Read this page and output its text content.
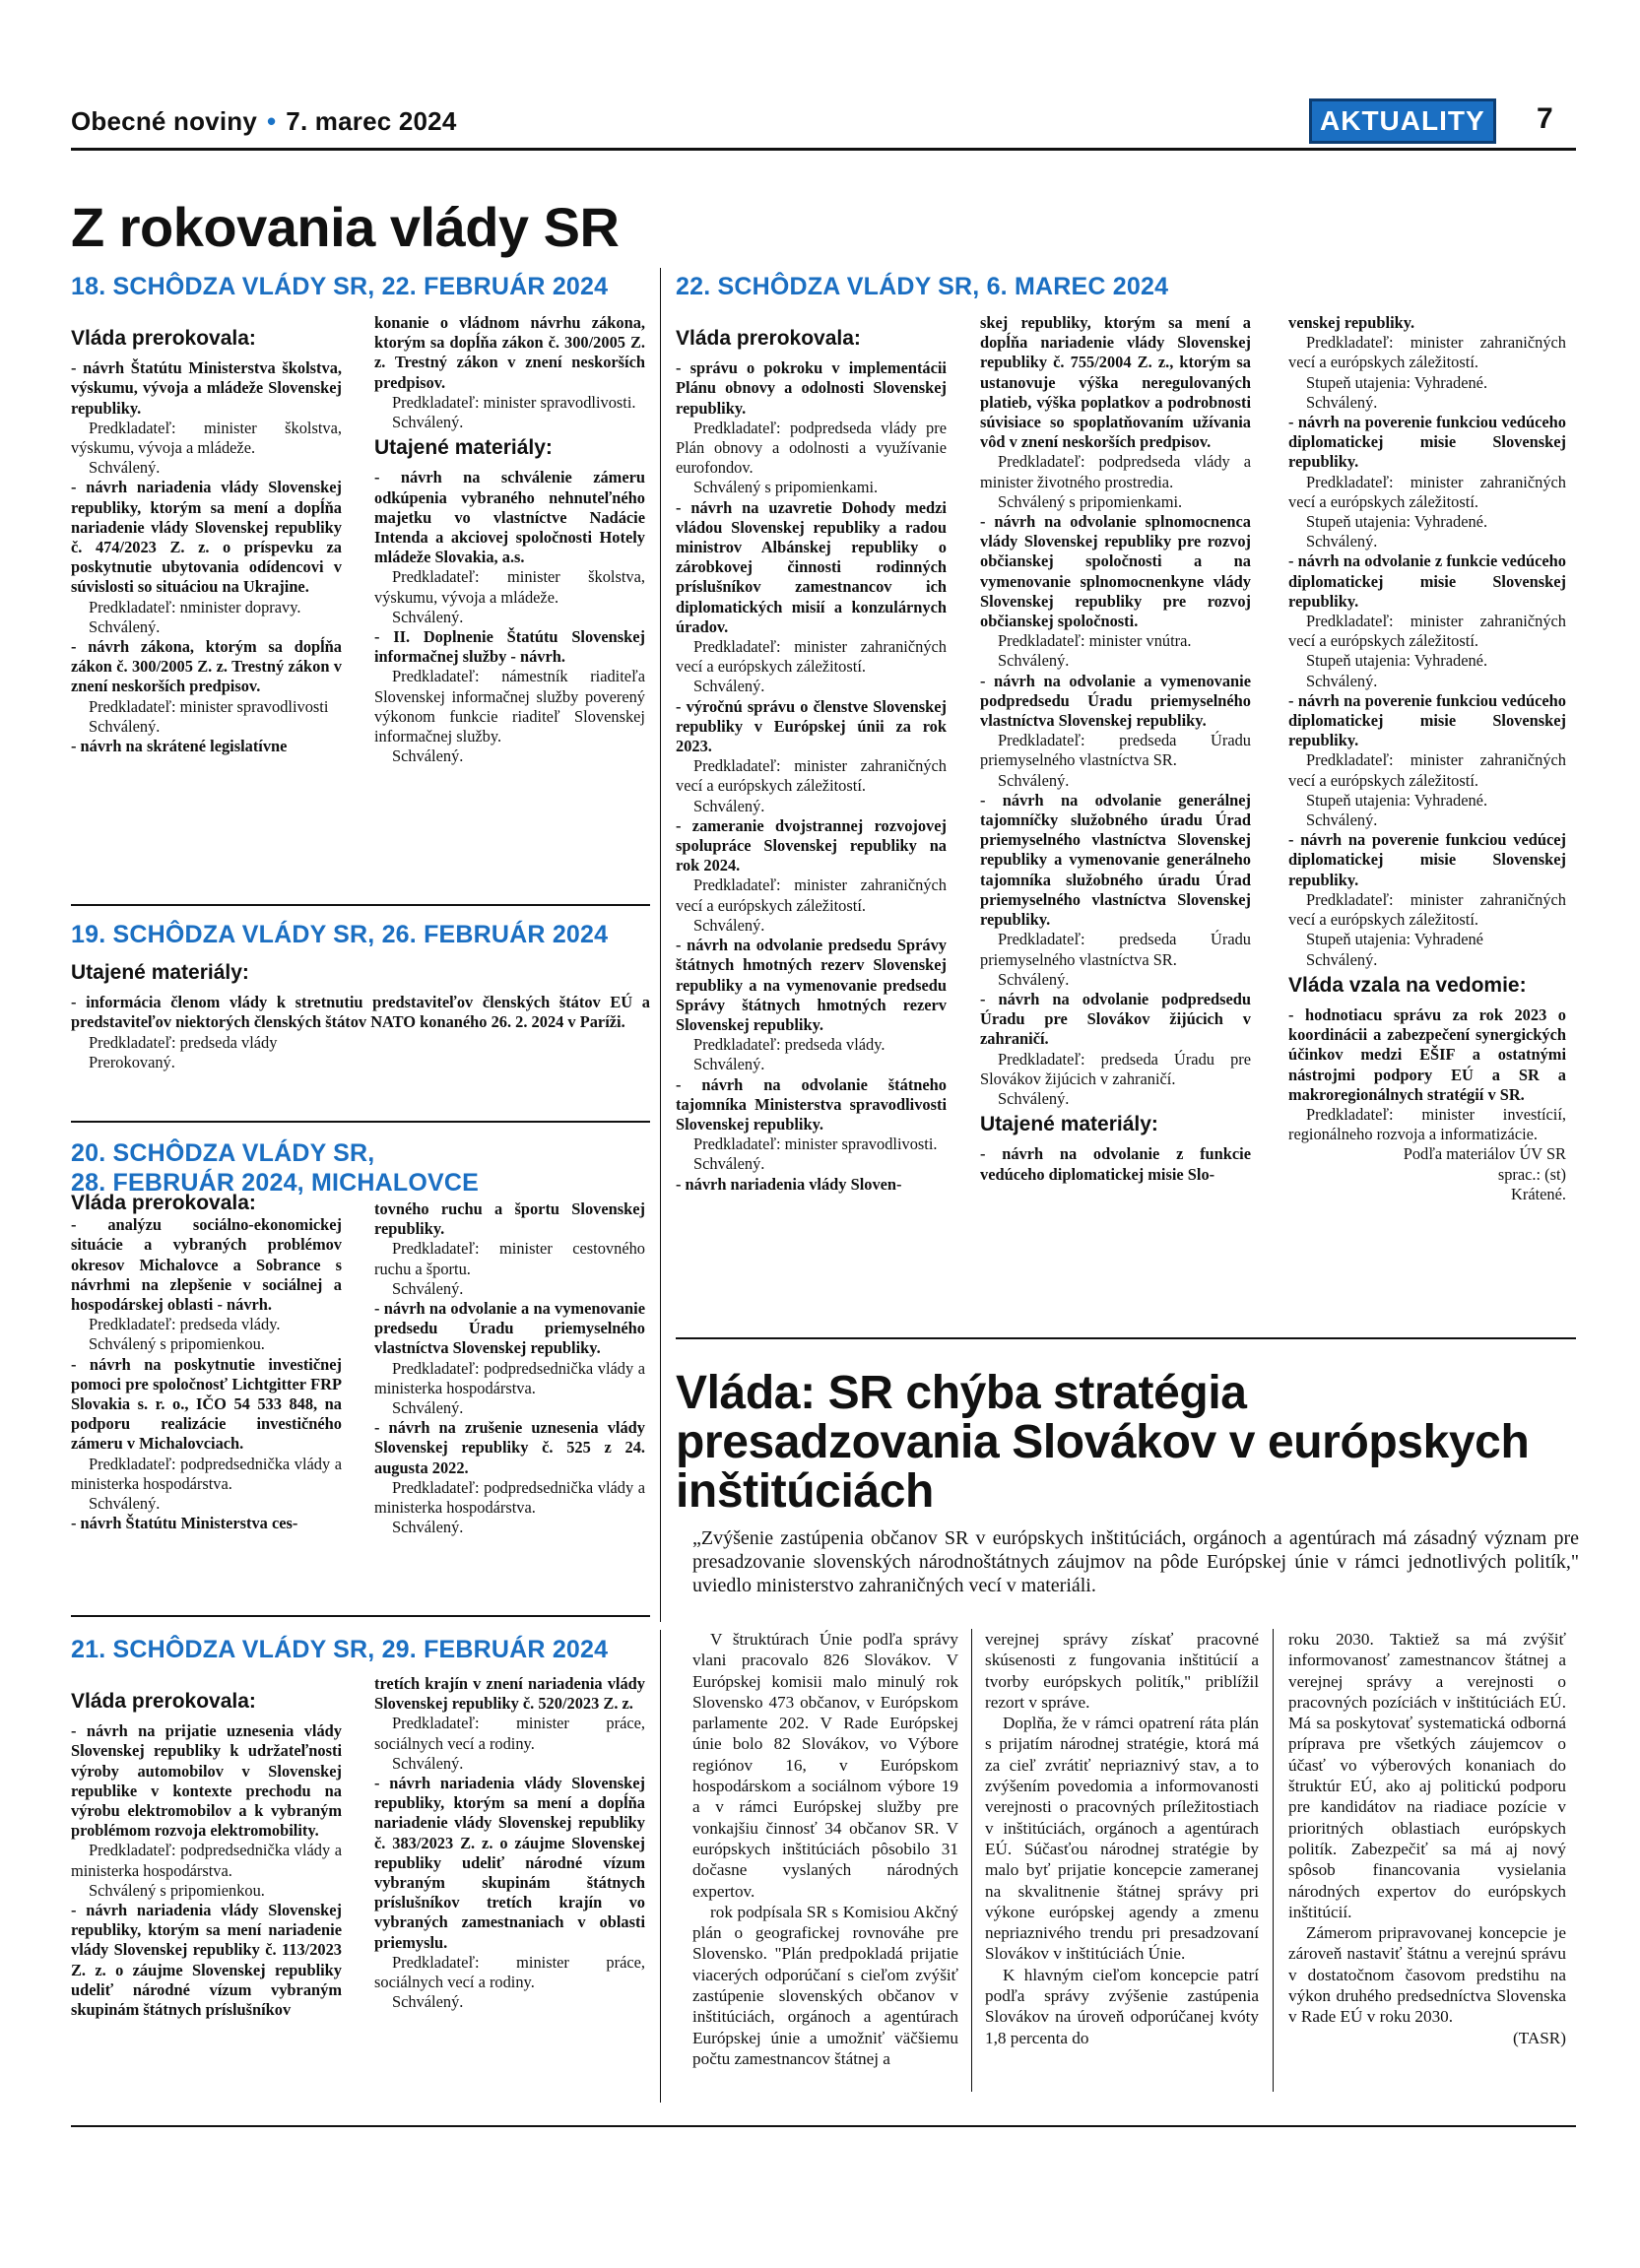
Obecné noviny • 7. marec 2024	AKTUALITY	7
Z rokovania vlády SR
18. SCHÔDZA VLÁDY SR, 22. FEBRUÁR 2024
Vláda prerokovala:

- návrh Štatútu Ministerstva školstva, výskumu, vývoja a mládeže Slovenskej republiky.

Predkladateľ: minister školstva, výskumu, vývoja a mládeže.

Schválený.

- návrh nariadenia vlády Slovenskej republiky, ktorým sa mení a dopĺňa nariadenie vlády Slovenskej republiky č. 474/2023 Z. z. o príspevku za poskytnutie ubytovania odídencovi v súvislosti so situáciou na Ukrajine.

Predkladateľ: nminister dopravy.

Schválený.

- návrh zákona, ktorým sa dopĺňa zákon č. 300/2005 Z. z. Trestný zákon v znení neskorších predpisov.

Predkladateľ: minister spravodlivosti

Schválený.

- návrh na skrátené legislatívne

konanie o vládnom návrhu zákona, ktorým sa dopĺňa zákon č. 300/2005 Z. z. Trestný zákon v znení neskorších predpisov.

Predkladateľ: minister spravodlivosti.

Schválený.

Utajené materiály:

- návrh na schválenie zámeru odkúpenia vybraného nehnuteľného majetku vo vlastníctve Nadácie Intenda a akciovej spoločnosti Hotely mládeže Slovakia, a.s.

Predkladateľ: minister školstva, výskumu, vývoja a mládeže.

Schválený.

- II. Doplnenie Štatútu Slovenskej informačnej služby - návrh.

Predkladateľ: námestník riaditeľa Slovenskej informačnej služby poverený výkonom funkcie riaditeľ Slovenskej informačnej služby.

Schválený.

19. SCHÔDZA VLÁDY SR, 26. FEBRUÁR 2024
Utajené materiály:

- informácia členom vlády k stretnutiu predstaviteľov členských štátov EÚ a predstaviteľov niektorých členských štátov NATO konaného 26. 2. 2024 v Paríži.

Predkladateľ: predseda vlády

Prerokovaný.

20. SCHÔDZA VLÁDY SR,
28. FEBRUÁR 2024, MICHALOVCE
Vláda prerokovala:

- analýzu sociálno-ekonomickej situácie a vybraných problémov okresov Michalovce a Sobrance s návrhmi na zlepšenie v sociálnej a hospodárskej oblasti - návrh.

Predkladateľ: predseda vlády.

Schválený s pripomienkou.

- návrh na poskytnutie investičnej pomoci pre spoločnosť Lichtgitter FRP Slovakia s. r. o., IČO 54 533 848, na podporu realizácie investičného zámeru v Michalovciach.

Predkladateľ: podpredsednička vlády a ministerka hospodárstva.

Schválený.

- návrh Štatútu Ministerstva ces-

tovného ruchu a športu Slovenskej republiky.

Predkladateľ: minister cestovného ruchu a športu.

Schválený.

- návrh na odvolanie a na vymenovanie predsedu Úradu priemyselného vlastníctva Slovenskej republiky.

Predkladateľ: podpredsednička vlády a ministerka hospodárstva.

Schválený.

- návrh na zrušenie uznesenia vlády Slovenskej republiky č. 525 z 24. augusta 2022.

Predkladateľ: podpredsednička vlády a ministerka hospodárstva.

Schválený.

21. SCHÔDZA VLÁDY SR, 29. FEBRUÁR 2024
Vláda prerokovala:

- návrh na prijatie uznesenia vlády Slovenskej republiky k udržateľnosti výroby automobilov v Slovenskej republike v kontexte prechodu na výrobu elektromobilov a k vybraným problémom rozvoja elektromobility.

Predkladateľ: podpredsednička vlády a ministerka hospodárstva.

Schválený s pripomienkou.

- návrh nariadenia vlády Slovenskej republiky, ktorým sa mení nariadenie vlády Slovenskej republiky č. 113/2023 Z. z. o záujme Slovenskej republiky udeliť národné vízum vybraným skupinám štátnych príslušníkov

tretích krajín v znení nariadenia vlády Slovenskej republiky č. 520/2023 Z. z.

Predkladateľ: minister práce, sociálnych vecí a rodiny.

Schválený.

- návrh nariadenia vlády Slovenskej republiky, ktorým sa mení a dopĺňa nariadenie vlády Slovenskej republiky č. 383/2023 Z. z. o záujme Slovenskej republiky udeliť národné vízum vybraným skupinám štátnych príslušníkov tretích krajín vo vybraných zamestnaniach v oblasti priemyslu.

Predkladateľ: minister práce, sociálnych vecí a rodiny.

Schválený.

22. SCHÔDZA VLÁDY SR, 6. MAREC 2024
Vláda prerokovala:

- správu o pokroku v implementácii Plánu obnovy a odolnosti Slovenskej republiky.

Predkladateľ: podpredseda vlády pre Plán obnovy a odolnosti a využívanie eurofondov.

Schválený s pripomienkami.

- návrh na uzavretie Dohody medzi vládou Slovenskej republiky a radou ministrov Albánskej republiky o zárobkovej činnosti rodinných príslušníkov zamestnancov ich diplomatických misií a konzulárnych úradov.

Predkladateľ: minister zahraničných vecí a európskych záležitostí.

Schválený.

- výročnú správu o členstve Slovenskej republiky v Európskej únii za rok 2023.

Predkladateľ: minister zahraničných vecí a európskych záležitostí.

Schválený.

- zameranie dvojstrannej rozvojovej spolupráce Slovenskej republiky na rok 2024.

Predkladateľ: minister zahraničných vecí a európskych záležitostí.

Schválený.

- návrh na odvolanie predsedu Správy štátnych hmotných rezerv Slovenskej republiky a na vymenovanie predsedu Správy štátnych hmotných rezerv Slovenskej republiky.

Predkladateľ: predseda vlády.

Schválený.

- návrh na odvolanie štátneho tajomníka Ministerstva spravodlivosti Slovenskej republiky.

Predkladateľ: minister spravodlivosti.

Schválený.

- návrh nariadenia vlády Sloven-

skej republiky, ktorým sa mení a dopĺňa nariadenie vlády Slovenskej republiky č. 755/2004 Z. z., ktorým sa ustanovuje výška neregulovaných platieb, výška poplatkov a podrobnosti súvisiace so spoplatňovaním užívania vôd v znení neskorších predpisov.

Predkladateľ: podpredseda vlády a minister životného prostredia.

Schválený s pripomienkami.

- návrh na odvolanie splnomocnenca vlády Slovenskej republiky pre rozvoj občianskej spoločnosti a na vymenovanie splnomocnenkyne vlády Slovenskej republiky pre rozvoj občianskej spoločnosti.

Predkladateľ: minister vnútra.

Schválený.

- návrh na odvolanie a vymenovanie podpredsedu Úradu priemyselného vlastníctva Slovenskej republiky.

Predkladateľ: predseda Úradu priemyselného vlastníctva SR.

Schválený.

- návrh na odvolanie generálnej tajomníčky služobného úradu Úrad priemyselného vlastníctva Slovenskej republiky a vymenovanie generálneho tajomníka služobného úradu Úrad priemyselného vlastníctva Slovenskej republiky.

Predkladateľ: predseda Úradu priemyselného vlastníctva SR.

Schválený.

- návrh na odvolanie podpredsedu Úradu pre Slovákov žijúcich v zahraničí.

Predkladateľ: predseda Úradu pre Slovákov žijúcich v zahraničí.

Schválený.

Utajené materiály:

- návrh na odvolanie z funkcie vedúceho diplomatickej misie Slo-

venskej republiky.

Predkladateľ: minister zahraničných vecí a európskych záležitostí.

Stupeň utajenia: Vyhradené.

Schválený.

- návrh na poverenie funkciou vedúceho diplomatickej misie Slovenskej republiky.

Predkladateľ: minister zahraničných vecí a európskych záležitostí.

Stupeň utajenia: Vyhradené.

Schválený.

- návrh na odvolanie z funkcie vedúceho diplomatickej misie Slovenskej republiky.

Predkladateľ: minister zahraničných vecí a európskych záležitostí.

Stupeň utajenia: Vyhradené.

Schválený.

- návrh na poverenie funkciou vedúceho diplomatickej misie Slovenskej republiky.

Predkladateľ: minister zahraničných vecí a európskych záležitostí.

Stupeň utajenia: Vyhradené.

Schválený.

- návrh na poverenie funkciou vedúcej diplomatickej misie Slovenskej republiky.

Predkladateľ: minister zahraničných vecí a európskych záležitostí.

Stupeň utajenia: Vyhradené

Schválený.

Vláda vzala na vedomie:

- hodnotiacu správu za rok 2023 o koordinácii a zabezpečení synergických účinkov medzi EŠIF a ostatnými nástrojmi podpory EÚ a SR a makroregionálnych stratégií v SR.

Predkladateľ: minister investícií, regionálneho rozvoja a informatizácie.

Podľa materiálov ÚV SR

sprac.: (st)

Krátené.

Vláda: SR chýba stratégia presadzovania Slovákov v európskych inštitúciách
„Zvýšenie zastúpenia občanov SR v európskych inštitúciách, orgánoch a agentúrach má zásadný význam pre presadzovanie slovenských národnoštátnych záujmov na pôde Európskej únie v rámci jednotlivých politík," uviedlo ministerstvo zahraničných vecí v materiáli.

V štruktúrach Únie podľa správy vlani pracovalo 826 Slovákov. V Európskej komisii malo minulý rok Slovensko 473 občanov, v Európskom parlamente 202. V Rade Európskej únie bolo 82 Slovákov, vo Výbore regiónov 16, v Európskom hospodárskom a sociálnom výbore 19 a v rámci Európskej služby pre vonkajšiu činnosť 34 občanov SR. V európskych inštitúciách pôsobilo 31 dočasne vyslaných národných expertov.

rok podpísala SR s Komisiou Akčný plán o geografickej rovnováhe pre Slovensko. "Plán predpokladá prijatie viacerých odporúčaní s cieľom zvýšiť zastúpenie slovenských občanov v inštitúciách, orgánoch a agentúrach Európskej únie a umožniť väčšiemu počtu zamestnancov štátnej a

verejnej správy získať pracovné skúsenosti z fungovania inštitúcií a tvorby európskych politík," priblížil rezort v správe.

Doplňa, že v rámci opatrení ráta plán s prijatím národnej stratégie, ktorá má za cieľ zvrátiť nepriaznivý stav, a to zvýšením povedomia a informovanosti verejnosti o pracovných príležitostiach v inštitúciách, orgánoch a agentúrach EÚ. Súčasťou národnej stratégie by malo byť prijatie koncepcie zameranej na skvalitnenie štátnej správy pri výkone európskej agendy a zmenu nepriaznivého trendu pri presadzovaní Slovákov v inštitúciách Únie.

K hlavným cieľom koncepcie patrí podľa správy zvýšenie zastúpenia Slovákov na úroveň odporúčanej kvóty 1,8 percenta do

roku 2030. Taktiež sa má zvýšiť informovanosť zamestnancov štátnej a verejnej správy a verejnosti o pracovných pozíciách v inštitúciách EÚ. Má sa poskytovať systematická odborná príprava pre všetkých záujemcov o účasť vo výberových konaniach do štruktúr EÚ, ako aj politickú podporu pre kandidátov na riadiace pozície v prioritných oblastiach európskych politík. Zabezpečiť sa má aj nový spôsob financovania vysielania národných expertov do európskych inštitúcií.

Zámerom pripravovanej koncepcie je zároveň nastaviť štátnu a verejnú správu v dostatočnom časovom predstihu na výkon druhého predsedníctva Slovenska v Rade EÚ v roku 2030.

(TASR)
